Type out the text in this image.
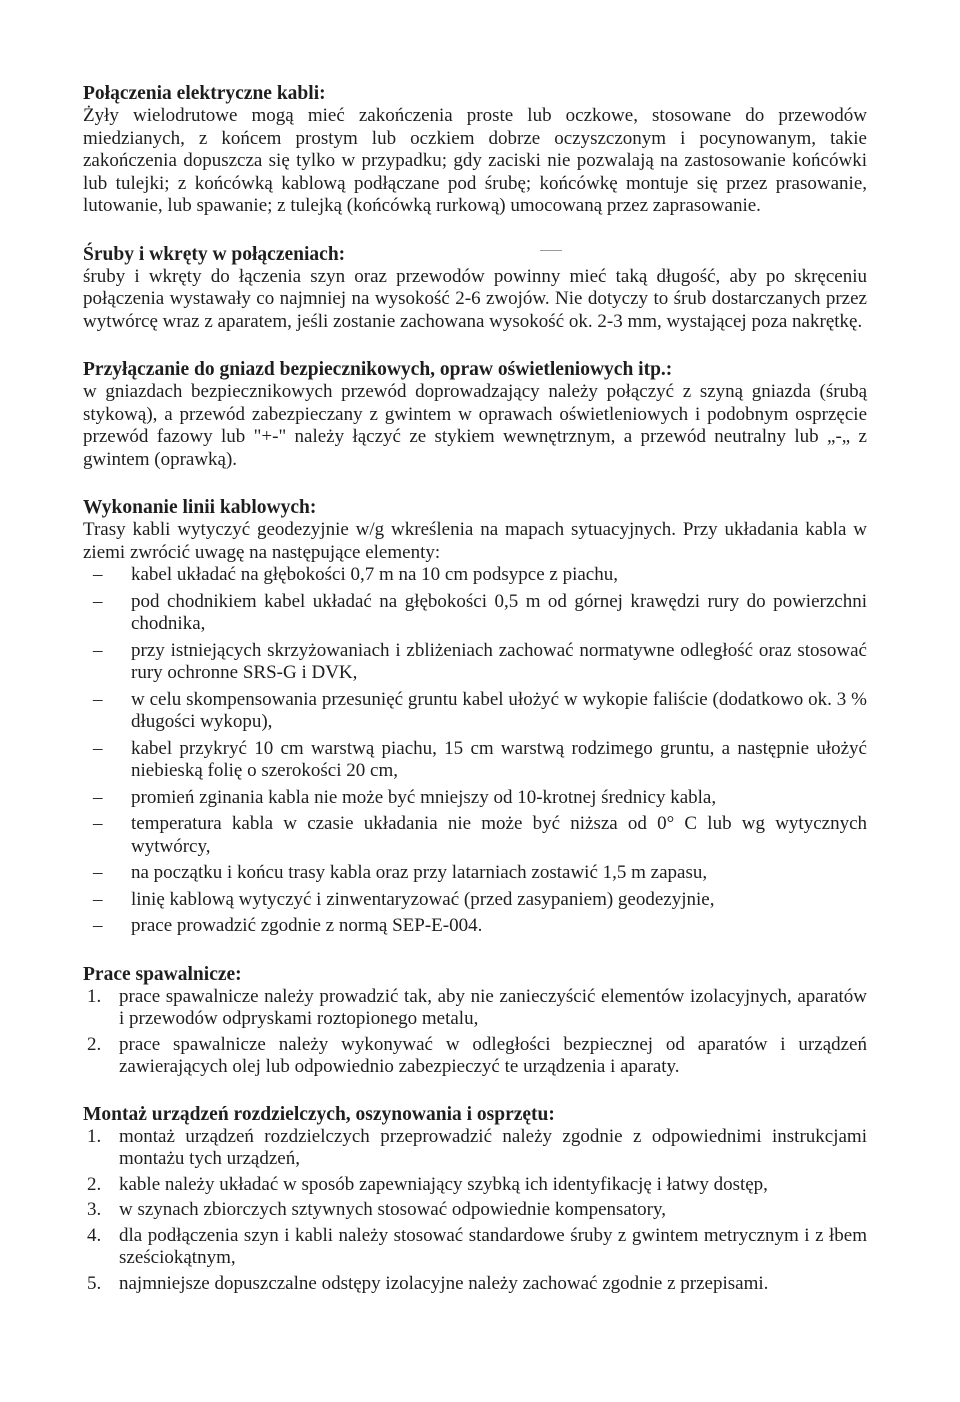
Połączenia elektryczne kabli:

Żyły wielodrutowe mogą mieć zakończenia proste lub oczkowe, stosowane do przewodów miedzianych, z końcem prostym lub oczkiem dobrze oczyszczonym i pocynowanym, takie zakończenia dopuszcza się tylko w przypadku; gdy zaciski nie pozwalają na zastosowanie końcówki lub tulejki; z końcówką kablową podłączane pod śrubę; końcówkę montuje się przez prasowanie, lutowanie, lub spawanie; z tulejką (końcówką rurkową) umocowaną przez zaprasowanie.

Śruby i wkręty w połączeniach:

śruby i wkręty do łączenia szyn oraz przewodów powinny mieć taką długość, aby po skręceniu połączenia wystawały co najmniej na wysokość 2-6 zwojów. Nie dotyczy to śrub dostarczanych przez wytwórcę wraz z aparatem, jeśli zostanie zachowana wysokość ok. 2-3 mm, wystającej poza nakrętkę.

Przyłączanie do gniazd bezpiecznikowych, opraw oświetleniowych itp.:

w gniazdach bezpiecznikowych przewód doprowadzający należy połączyć z szyną gniazda (śrubą stykową), a przewód zabezpieczany z gwintem w oprawach oświetleniowych i podobnym osprzęcie przewód fazowy lub "+-" należy łączyć ze stykiem wewnętrznym, a przewód neutralny lub „-„ z gwintem (oprawką).

Wykonanie linii kablowych:

Trasy kabli wytyczyć geodezyjnie w/g wkreślenia na mapach sytuacyjnych. Przy układania kabla w ziemi zwrócić uwagę na następujące elementy:

– kabel układać na głębokości 0,7 m na 10 cm podsypce z piachu,
– pod chodnikiem kabel układać na głębokości 0,5 m od górnej krawędzi rury do powierzchni chodnika,
– przy istniejących skrzyżowaniach i zbliżeniach zachować normatywne odległość oraz stosować rury ochronne SRS-G i DVK,
– w celu skompensowania przesunięć gruntu kabel ułożyć w wykopie faliście (dodatkowo ok. 3 % długości wykopu),
– kabel przykryć 10 cm warstwą piachu, 15 cm warstwą rodzimego gruntu, a następnie ułożyć niebieską folię o szerokości 20 cm,
– promień zginania kabla nie może być mniejszy od 10-krotnej średnicy kabla,
– temperatura kabla w czasie układania nie może być niższa od 0° C lub wg wytycznych wytwórcy,
– na początku i końcu trasy kabla oraz przy latarniach zostawić 1,5 m zapasu,
– linię kablową wytyczyć i zinwentaryzować (przed zasypaniem) geodezyjnie,
– prace prowadzić zgodnie z normą SEP-E-004.

Prace spawalnicze:

1. prace spawalnicze należy prowadzić tak, aby nie zanieczyścić elementów izolacyjnych, aparatów i przewodów odpryskami roztopionego metalu,
2. prace spawalnicze należy wykonywać w odległości bezpiecznej od aparatów i urządzeń zawierających olej lub odpowiednio zabezpieczyć te urządzenia i aparaty.

Montaż urządzeń rozdzielczych, oszynowania i osprzętu:

1. montaż urządzeń rozdzielczych przeprowadzić należy zgodnie z odpowiednimi instrukcjami montażu tych urządzeń,
2. kable należy układać w sposób zapewniający szybką ich identyfikację i łatwy dostęp,
3. w szynach zbiorczych sztywnych stosować odpowiednie kompensatory,
4. dla podłączenia szyn i kabli należy stosować standardowe śruby z gwintem metrycznym i z łbem sześciokątnym,
5. najmniejsze dopuszczalne odstępy izolacyjne należy zachować zgodnie z przepisami.
